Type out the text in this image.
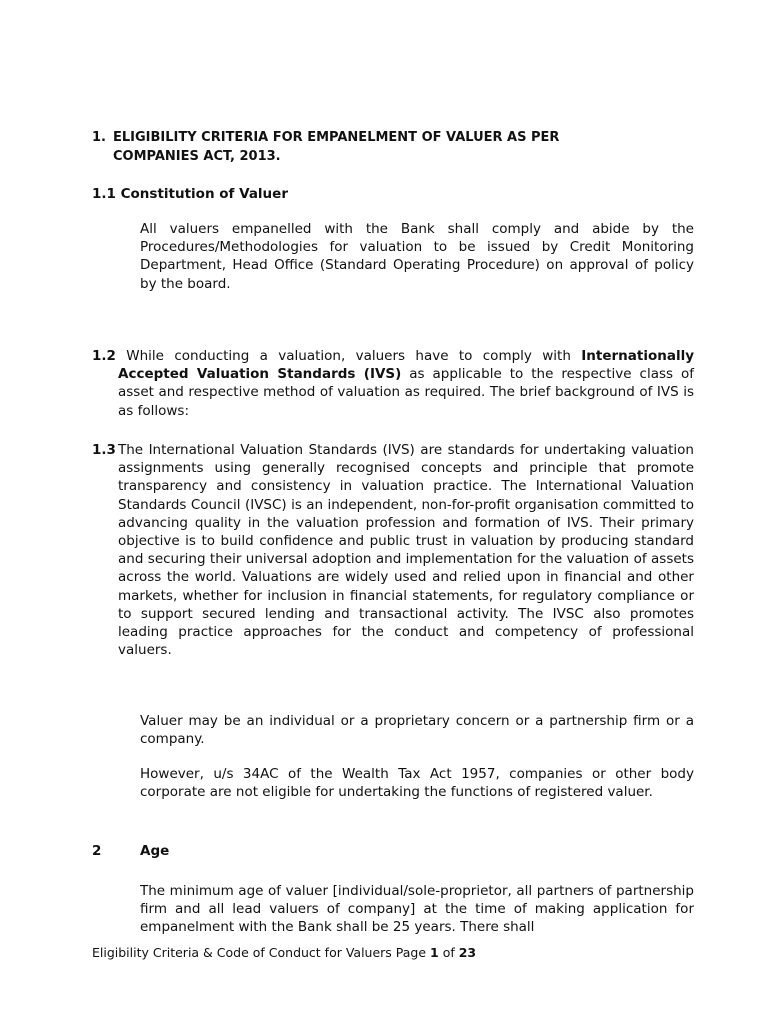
1. ELIGIBILITY CRITERIA FOR EMPANELMENT OF VALUER AS PER
COMPANIES ACT, 2013.
1.1 Constitution of Valuer

All valuers empanelled with the Bank shall comply and abide by the Procedures/Methodologies for valuation to be issued by Credit Monitoring Department, Head Office (Standard Operating Procedure) on approval of policy by the board.

1.2 While conducting a valuation, valuers have to comply with Internationally Accepted Valuation Standards (IVS) as applicable to the respective class of asset and respective method of valuation as required. The brief background of IVS is as follows:
1.3 The International Valuation Standards (IVS) are standards for undertaking valuation assignments using generally recognised concepts and principle that promote transparency and consistency in valuation practice. The International Valuation Standards Council (IVSC) is an independent, non-for-profit organisation committed to advancing quality in the valuation profession and formation of IVS. Their primary objective is to build confidence and public trust in valuation by producing standard and securing their universal adoption and implementation for the valuation of assets across the world. Valuations are widely used and relied upon in financial and other markets, whether for inclusion in financial statements, for regulatory compliance or to support secured lending and transactional activity. The IVSC also promotes leading practice approaches for the conduct and competency of professional valuers.

Valuer may be an individual or a proprietary concern or a partnership firm or a company.

However, u/s 34AC of the Wealth Tax Act 1957, companies or other body corporate are not eligible for undertaking the functions of registered valuer.

2	Age

The minimum age of valuer [individual/sole-proprietor, all partners of partnership firm and all lead valuers of company] at the time of making application for empanelment with the Bank shall be 25 years. There shall

Eligibility Criteria & Code of Conduct for Valuers Page 1 of 23
